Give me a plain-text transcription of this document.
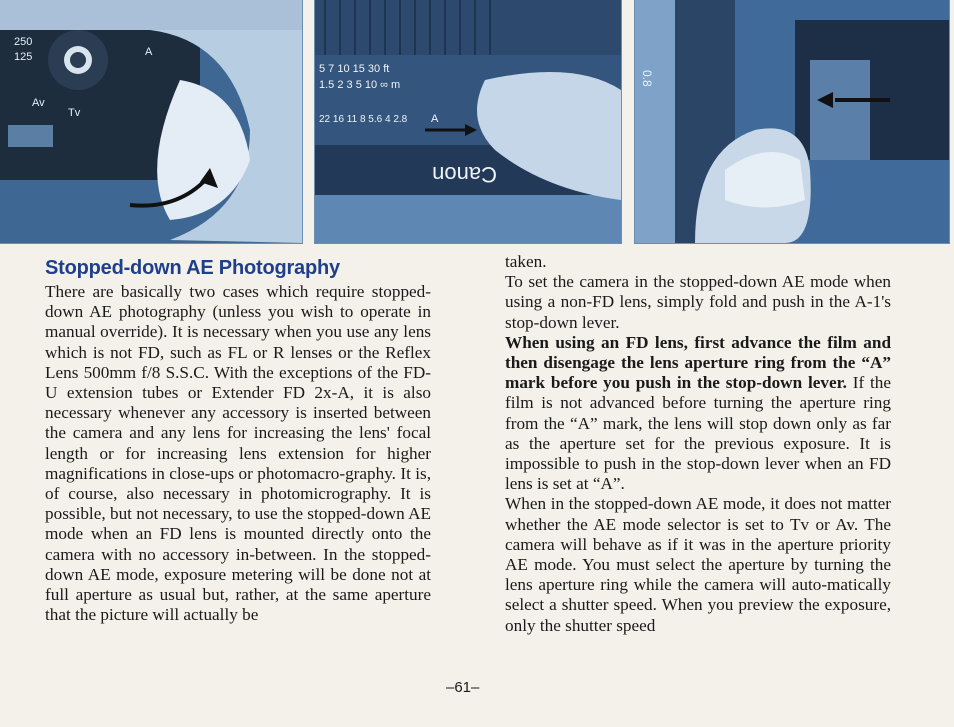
250
125
Av
Tv
A
5 7 10 15 30 ft
1.5 2 3 5 10 ∞ m
22 16 11 8 5.6 4 2.8 A
Canon
0.8
Stopped-down AE Photography

There are basically two cases which require stopped-down AE photography (unless you wish to operate in manual override). It is necessary when you use any lens which is not FD, such as FL or R lenses or the Reflex Lens 500mm f/8 S.S.C. With the exceptions of the FD-U extension tubes or Extender FD 2x-A, it is also necessary whenever any accessory is inserted between the camera and any lens for increasing the lens' focal length or for increasing lens extension for higher magnifications in close-ups or photomacro-graphy. It is, of course, also necessary in photomicrography. It is possible, but not necessary, to use the stopped-down AE mode when an FD lens is mounted directly onto the camera with no accessory in-between. In the stopped-down AE mode, exposure metering will be done not at full aperture as usual but, rather, at the same aperture that the picture will actually be

taken.

To set the camera in the stopped-down AE mode when using a non-FD lens, simply fold and push in the A-1's stop-down lever.

When using an FD lens, first advance the film and then disengage the lens aperture ring from the “A” mark before you push in the stop-down lever. If the film is not advanced before turning the aperture ring from the “A” mark, the lens will stop down only as far as the aperture set for the previous exposure. It is impossible to push in the stop-down lever when an FD lens is set at “A”.

When in the stopped-down AE mode, it does not matter whether the AE mode selector is set to Tv or Av. The camera will behave as if it was in the aperture priority AE mode. You must select the aperture by turning the lens aperture ring while the camera will auto-matically select a shutter speed. When you preview the exposure, only the shutter speed

–61–
